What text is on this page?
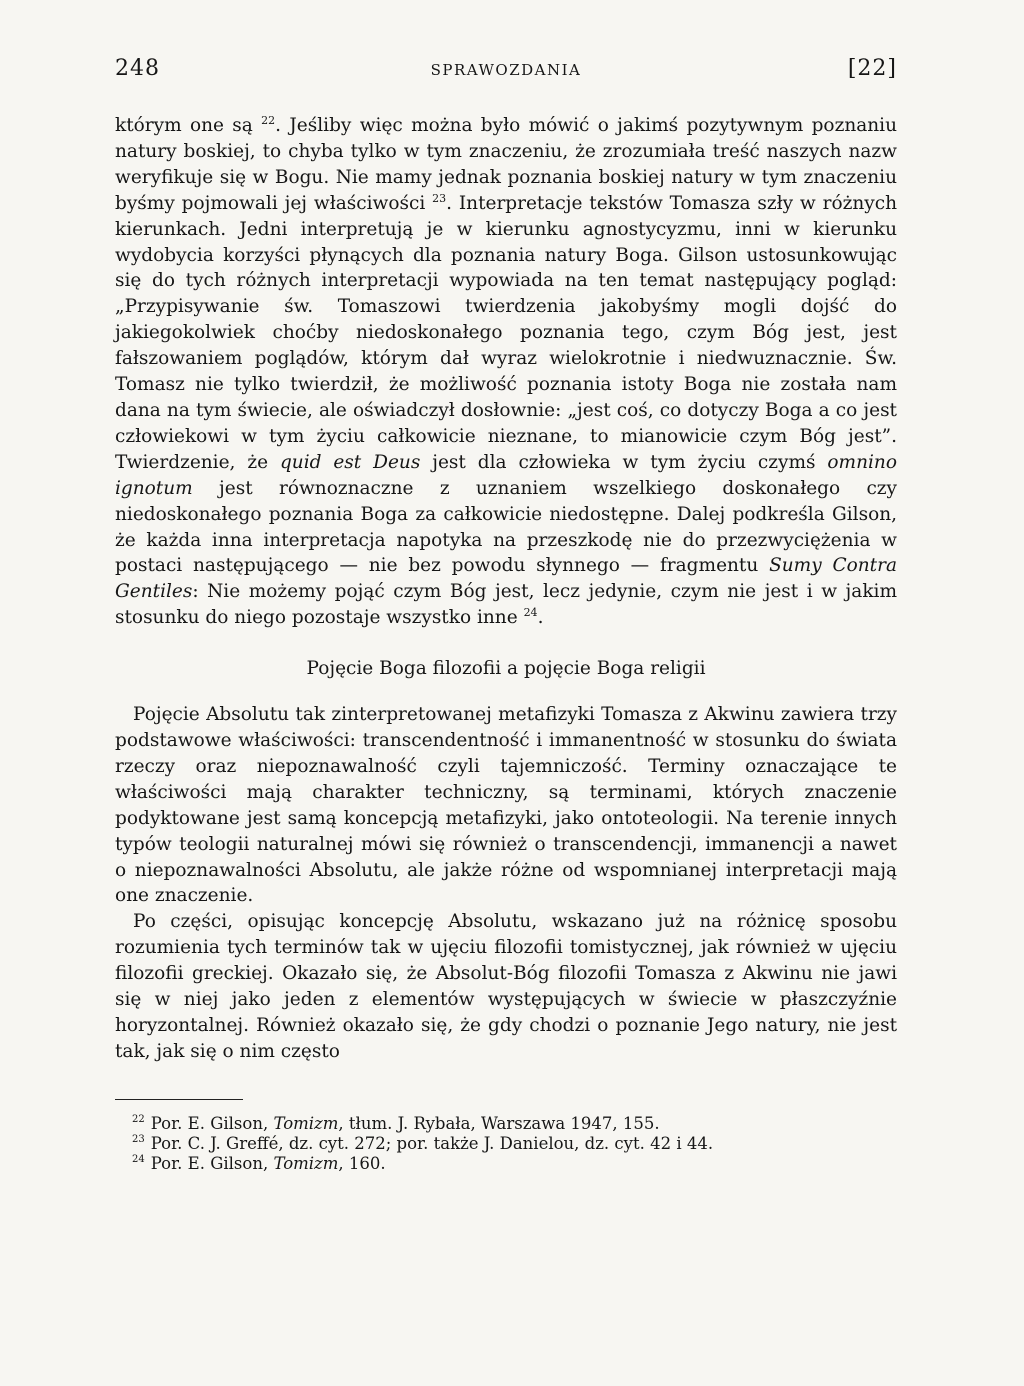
248	SPRAWOZDANIA	[22]

którym one są $^{22}$. Jeśliby więc można było mówić o jakimś pozytywnym poznaniu natury boskiej, to chyba tylko w tym znaczeniu, że zrozumiała treść naszych nazw weryfikuje się w Bogu. Nie mamy jednak poznania boskiej natury w tym znaczeniu byśmy pojmowali jej właściwości $^{23}$. Interpretacje tekstów Tomasza szły w różnych kierunkach. Jedni interpretują je w kierunku agnostycyzmu, inni w kierunku wydobycia korzyści płynących dla poznania natury Boga. Gilson ustosunkowując się do tych różnych interpretacji wypowiada na ten temat następujący pogląd: „Przypisywanie św. Tomaszowi twierdzenia jakobyśmy mogli dojść do jakiegokolwiek choćby niedoskonałego poznania tego, czym Bóg jest, jest fałszowaniem poglądów, którym dał wyraz wielokrotnie i niedwuznacznie. Św. Tomasz nie tylko twierdził, że możliwość poznania istoty Boga nie została nam dana na tym świecie, ale oświadczył dosłownie: „jest coś, co dotyczy Boga a co jest człowiekowi w tym życiu całkowicie nieznane, to mianowicie czym Bóg jest”. Twierdzenie, że quid est Deus jest dla człowieka w tym życiu czymś omnino ignotum jest równoznaczne z uznaniem wszelkiego doskonałego czy niedoskonałego poznania Boga za całkowicie niedostępne. Dalej podkreśla Gilson, że każda inna interpretacja napotyka na przeszkodę nie do przezwyciężenia w postaci następującego — nie bez powodu słynnego — fragmentu Sumy Contra Gentiles: Nie możemy pojąć czym Bóg jest, lecz jedynie, czym nie jest i w jakim stosunku do niego pozostaje wszystko inne $^{24}$.

Pojęcie Boga filozofii a pojęcie Boga religii

Pojęcie Absolutu tak zinterpretowanej metafizyki Tomasza z Akwinu zawiera trzy podstawowe właściwości: transcendentność i immanentność w stosunku do świata rzeczy oraz niepoznawalność czyli tajemniczość. Terminy oznaczające te właściwości mają charakter techniczny, są terminami, których znaczenie podyktowane jest samą koncepcją metafizyki, jako ontoteologii. Na terenie innych typów teologii naturalnej mówi się również o transcendencji, immanencji a nawet o niepoznawalności Absolutu, ale jakże różne od wspomnianej interpretacji mają one znaczenie.

Po części, opisując koncepcję Absolutu, wskazano już na różnicę sposobu rozumienia tych terminów tak w ujęciu filozofii tomistycznej, jak również w ujęciu filozofii greckiej. Okazało się, że Absolut-Bóg filozofii Tomasza z Akwinu nie jawi się w niej jako jeden z elementów występujących w świecie w płaszczyźnie horyzontalnej. Również okazało się, że gdy chodzi o poznanie Jego natury, nie jest tak, jak się o nim często

$^{22}$ Por. E. Gilson, Tomizm, tłum. J. Rybała, Warszawa 1947, 155.
$^{23}$ Por. C. J. Greffé, dz. cyt. 272; por. także J. Danielou, dz. cyt. 42 i 44.
$^{24}$ Por. E. Gilson, Tomizm, 160.
